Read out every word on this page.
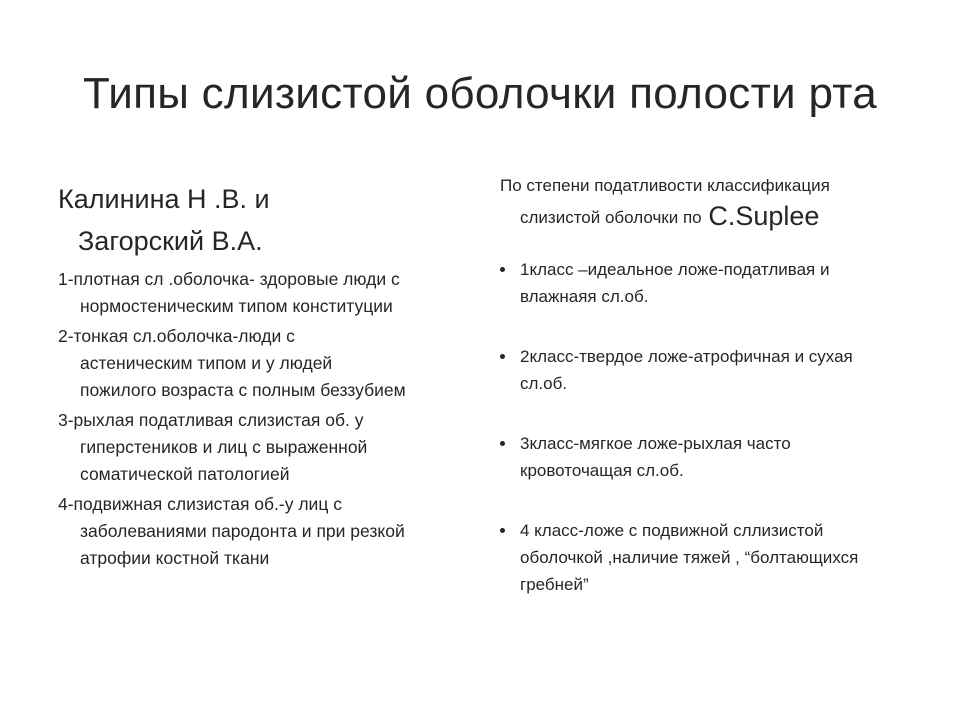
Типы слизистой оболочки полости рта
Калинина Н .В. и
Загорский В.А.
1-плотная сл .оболочка- здоровые люди с нормостеническим типом конституции
2-тонкая сл.оболочка-люди с астеническим типом и у людей пожилого возраста с полным беззубием
3-рыхлая податливая слизистая об. у гиперстеников и лиц с выраженной соматической патологией
4-подвижная слизистая об.-у лиц с заболеваниями пародонта и при резкой атрофии костной ткани
По степени податливости классификация
слизистой оболочки по С.Suplee
1класс –идеальное ложе-податливая и влажнаяя сл.об.
2класс-твердое ложе-атрофичная и сухая сл.об.
3класс-мягкое ложе-рыхлая часто кровоточащая сл.об.
4 класс-ложе с подвижной сллизистой оболочкой ,наличие тяжей , “болтающихся гребней”
